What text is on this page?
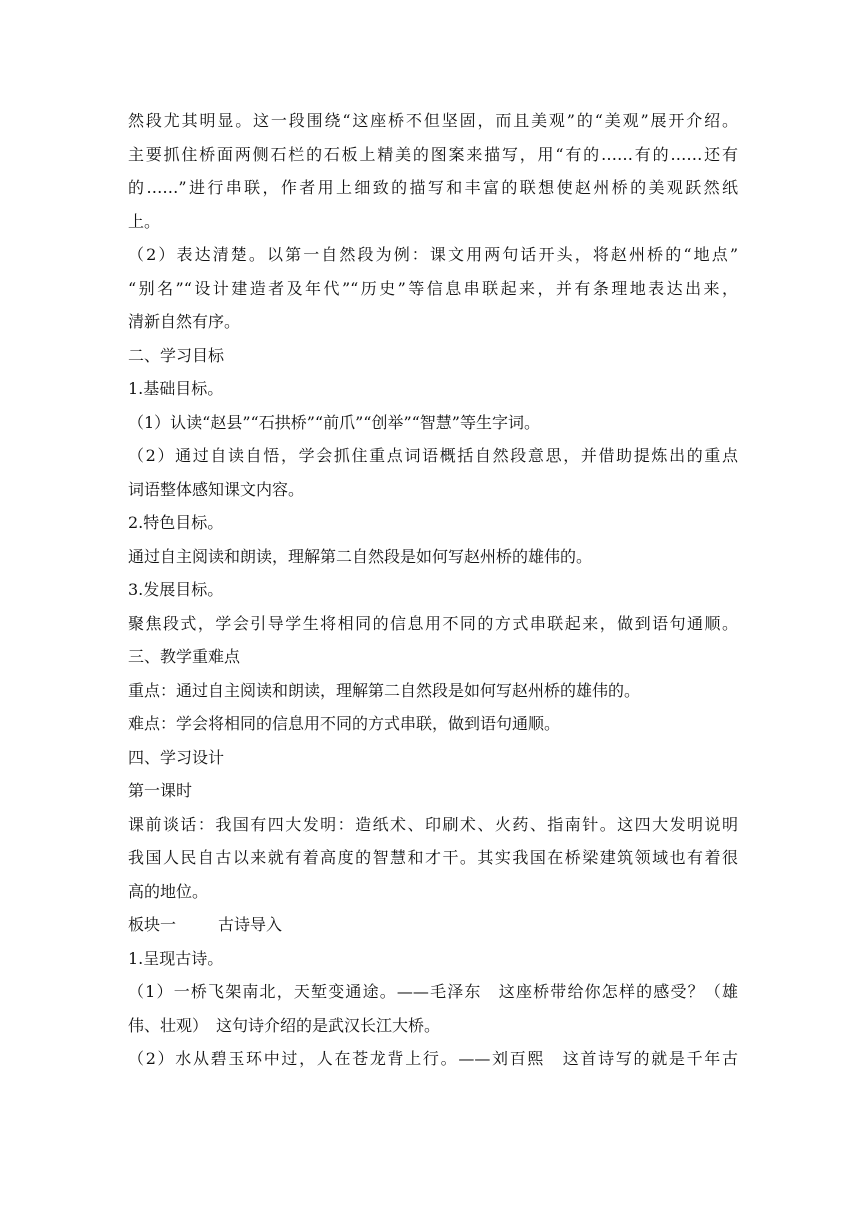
然段尤其明显。这一段围绕“这座桥不但坚固，而且美观”的“美观”展开介绍。

主要抓住桥面两侧石栏的石板上精美的图案来描写，用“有的……有的……还有

的……”进行串联，作者用上细致的描写和丰富的联想使赵州桥的美观跃然纸

上。

（2）表达清楚。以第一自然段为例：课文用两句话开头，将赵州桥的“地点”

“别名”“设计建造者及年代”“历史”等信息串联起来，并有条理地表达出来，

清新自然有序。

二、学习目标

1.基础目标。

（1）认读“赵县”“石拱桥”“前爪”“创举”“智慧”等生字词。

（2）通过自读自悟，学会抓住重点词语概括自然段意思，并借助提炼出的重点

词语整体感知课文内容。

2.特色目标。

通过自主阅读和朗读，理解第二自然段是如何写赵州桥的雄伟的。

3.发展目标。

聚焦段式，学会引导学生将相同的信息用不同的方式串联起来，做到语句通顺。

三、教学重难点

重点：通过自主阅读和朗读，理解第二自然段是如何写赵州桥的雄伟的。

难点：学会将相同的信息用不同的方式串联，做到语句通顺。

四、学习设计

第一课时

课前谈话：我国有四大发明：造纸术、印刷术、火药、指南针。这四大发明说明

我国人民自古以来就有着高度的智慧和才干。其实我国在桥梁建筑领域也有着很

高的地位。

板块一	古诗导入

1.呈现古诗。

（1）一桥飞架南北，天堑变通途。——毛泽东　这座桥带给你怎样的感受？（雄

伟、壮观）　这句诗介绍的是武汉长江大桥。

（2）水从碧玉环中过，人在苍龙背上行。——刘百熙　这首诗写的就是千年古
